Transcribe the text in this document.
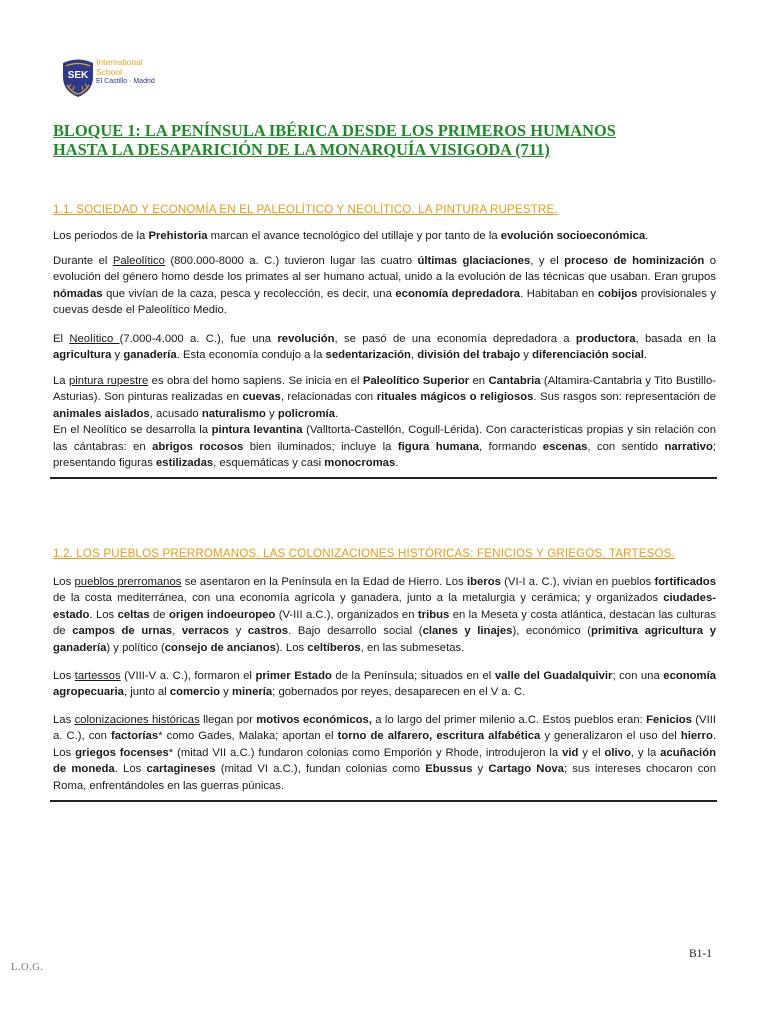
SEK
International
School
El Castillo · Madrid
BLOQUE 1: LA PENÍNSULA IBÉRICA DESDE LOS PRIMEROS HUMANOS
HASTA LA DESAPARICIÓN DE LA MONARQUÍA VISIGODA (711)
1.1. SOCIEDAD Y ECONOMÍA EN EL PALEOLÍTICO Y NEOLÍTICO. LA PINTURA RUPESTRE.

Los periodos de la Prehistoria marcan el avance tecnológico del utillaje y por tanto de la evolución socioeconómica.

Durante el Paleolítico (800.000-8000 a. C.) tuvieron lugar las cuatro últimas glaciaciones, y el proceso de hominización o evolución del género homo desde los primates al ser humano actual, unido a la evolución de las técnicas que usaban. Eran grupos nómadas que vivían de la caza, pesca y recolección, es decir, una economía depredadora. Habitaban en cobijos provisionales y cuevas desde el Paleolítico Medio.

El Neolítico (7.000-4.000 a. C.), fue una revolución, se pasó de una economía depredadora a productora, basada en la agricultura y ganadería. Esta economía condujo a la sedentarización, división del trabajo y diferenciación social.

La pintura rupestre es obra del homo sapiens. Se inicia en el Paleolítico Superior en Cantabria (Altamira-Cantabria y Tito Bustillo-Asturias). Son pinturas realizadas en cuevas, relacionadas con rituales mágicos o religiosos. Sus rasgos son: representación de animales aislados, acusado naturalismo y policromía.
En el Neolítico se desarrolla la pintura levantina (Valltorta-Castellón, Cogull-Lérida). Con características propias y sin relación con las cántabras: en abrigos rocosos bien iluminados; incluye la figura humana, formando escenas, con sentido narrativo; presentando figuras estilizadas, esquemáticas y casi monocromas.

1.2. LOS PUEBLOS PRERROMANOS. LAS COLONIZACIONES HISTÓRICAS: FENICIOS Y GRIEGOS. TARTESOS.

Los pueblos prerromanos se asentaron en la Península en la Edad de Hierro. Los iberos (VI-I a. C.), vivían en pueblos fortificados de la costa mediterránea, con una economía agrícola y ganadera, junto a la metalurgia y cerámica; y organizados ciudades-estado. Los celtas de origen indoeuropeo (V-III a.C.), organizados en tribus en la Meseta y costa atlántica, destacan las culturas de campos de urnas, verracos y castros. Bajo desarrollo social (clanes y linajes), económico (primitiva agricultura y ganadería) y político (consejo de ancianos). Los celtíberos, en las submesetas.

Los tartessos (VIII-V a. C.), formaron el primer Estado de la Península; situados en el valle del Guadalquivir; con una economía agropecuaria, junto al comercio y minería; gobernados por reyes, desaparecen en el V a. C.

Las colonizaciones históricas llegan por motivos económicos, a lo largo del primer milenio a.C. Estos pueblos eran: Fenicios (VIII a. C.), con factorías* como Gades, Malaka; aportan el torno de alfarero, escritura alfabética y generalizaron el uso del hierro. Los griegos focenses* (mitad VII a.C.) fundaron colonias como Emporión y Rhode, introdujeron la vid y el olivo, y la acuñación de moneda. Los cartagineses (mitad VI a.C.), fundan colonias como Ebussus y Cartago Nova; sus intereses chocaron con Roma, enfrentándoles en las guerras púnicas.

L.O.G.
B1-1
